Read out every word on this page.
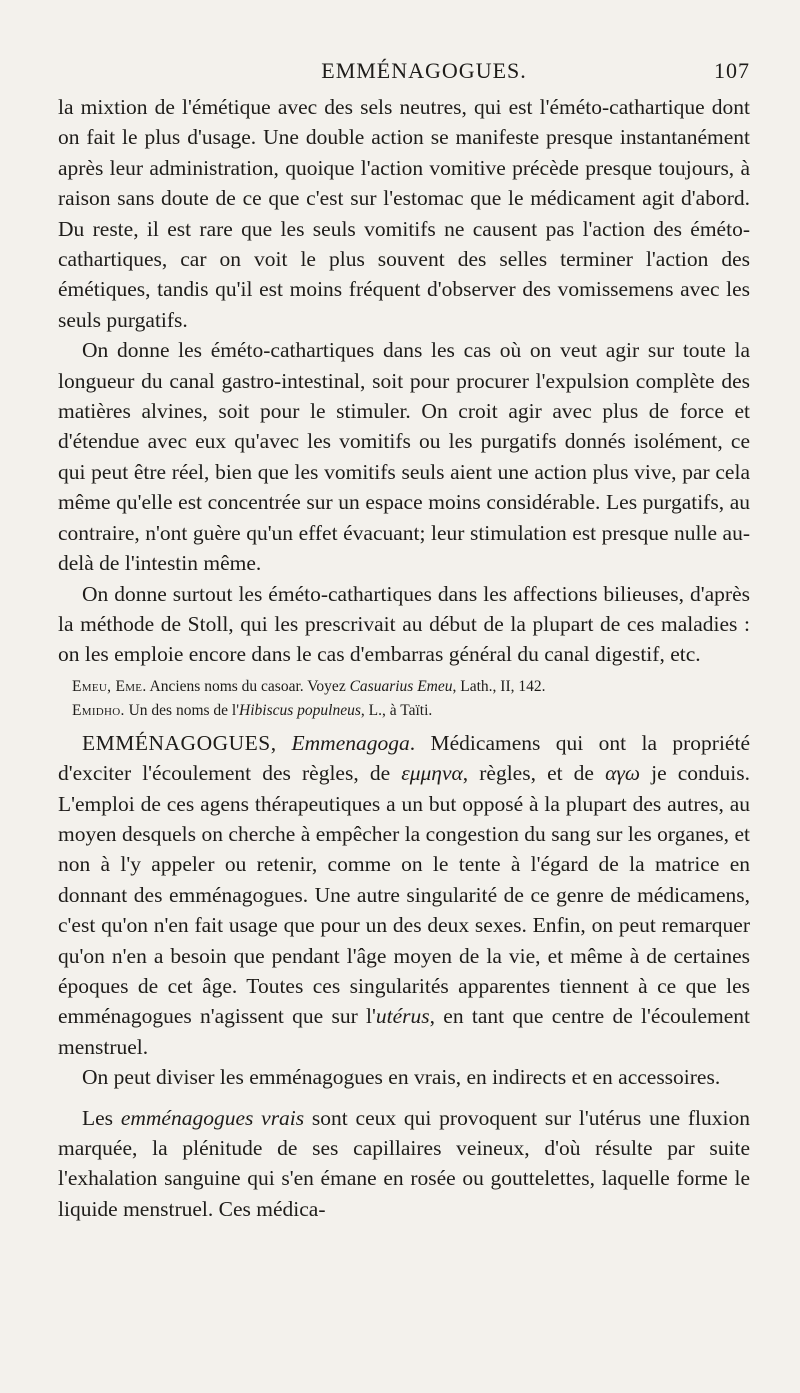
EMMÉNAGOGUES.	107

la mixtion de l'émétique avec des sels neutres, qui est l'éméto-cathartique dont on fait le plus d'usage. Une double action se manifeste presque instantanément après leur administration, quoique l'action vomitive précède presque toujours, à raison sans doute de ce que c'est sur l'estomac que le médicament agit d'abord. Du reste, il est rare que les seuls vomitifs ne causent pas l'action des éméto-cathartiques, car on voit le plus souvent des selles terminer l'action des émétiques, tandis qu'il est moins fréquent d'observer des vomissemens avec les seuls purgatifs.

On donne les éméto-cathartiques dans les cas où on veut agir sur toute la longueur du canal gastro-intestinal, soit pour procurer l'expulsion complète des matières alvines, soit pour le stimuler. On croit agir avec plus de force et d'étendue avec eux qu'avec les vomitifs ou les purgatifs donnés isolément, ce qui peut être réel, bien que les vomitifs seuls aient une action plus vive, par cela même qu'elle est concentrée sur un espace moins considérable. Les purgatifs, au contraire, n'ont guère qu'un effet évacuant; leur stimulation est presque nulle au-delà de l'intestin même.

On donne surtout les éméto-cathartiques dans les affections bilieuses, d'après la méthode de Stoll, qui les prescrivait au début de la plupart de ces maladies : on les emploie encore dans le cas d'embarras général du canal digestif, etc.

Emeu, Eme. Anciens noms du casoar. Voyez Casuarius Emeu, Lath., II, 142.

Emidho. Un des noms de l'Hibiscus populneus, L., à Taïti.

EMMÉNAGOGUES, Emmenagoga. Médicamens qui ont la propriété d'exciter l'écoulement des règles, de εμμηνα, règles, et de αγω je conduis. L'emploi de ces agens thérapeutiques a un but opposé à la plupart des autres, au moyen desquels on cherche à empêcher la congestion du sang sur les organes, et non à l'y appeler ou retenir, comme on le tente à l'égard de la matrice en donnant des emménagogues. Une autre singularité de ce genre de médicamens, c'est qu'on n'en fait usage que pour un des deux sexes. Enfin, on peut remarquer qu'on n'en a besoin que pendant l'âge moyen de la vie, et même à de certaines époques de cet âge. Toutes ces singularités apparentes tiennent à ce que les emménagogues n'agissent que sur l'utérus, en tant que centre de l'écoulement menstruel.

On peut diviser les emménagogues en vrais, en indirects et en accessoires.

Les emménagogues vrais sont ceux qui provoquent sur l'utérus une fluxion marquée, la plénitude de ses capillaires veineux, d'où résulte par suite l'exhalation sanguine qui s'en émane en rosée ou gouttelettes, laquelle forme le liquide menstruel. Ces médica-
